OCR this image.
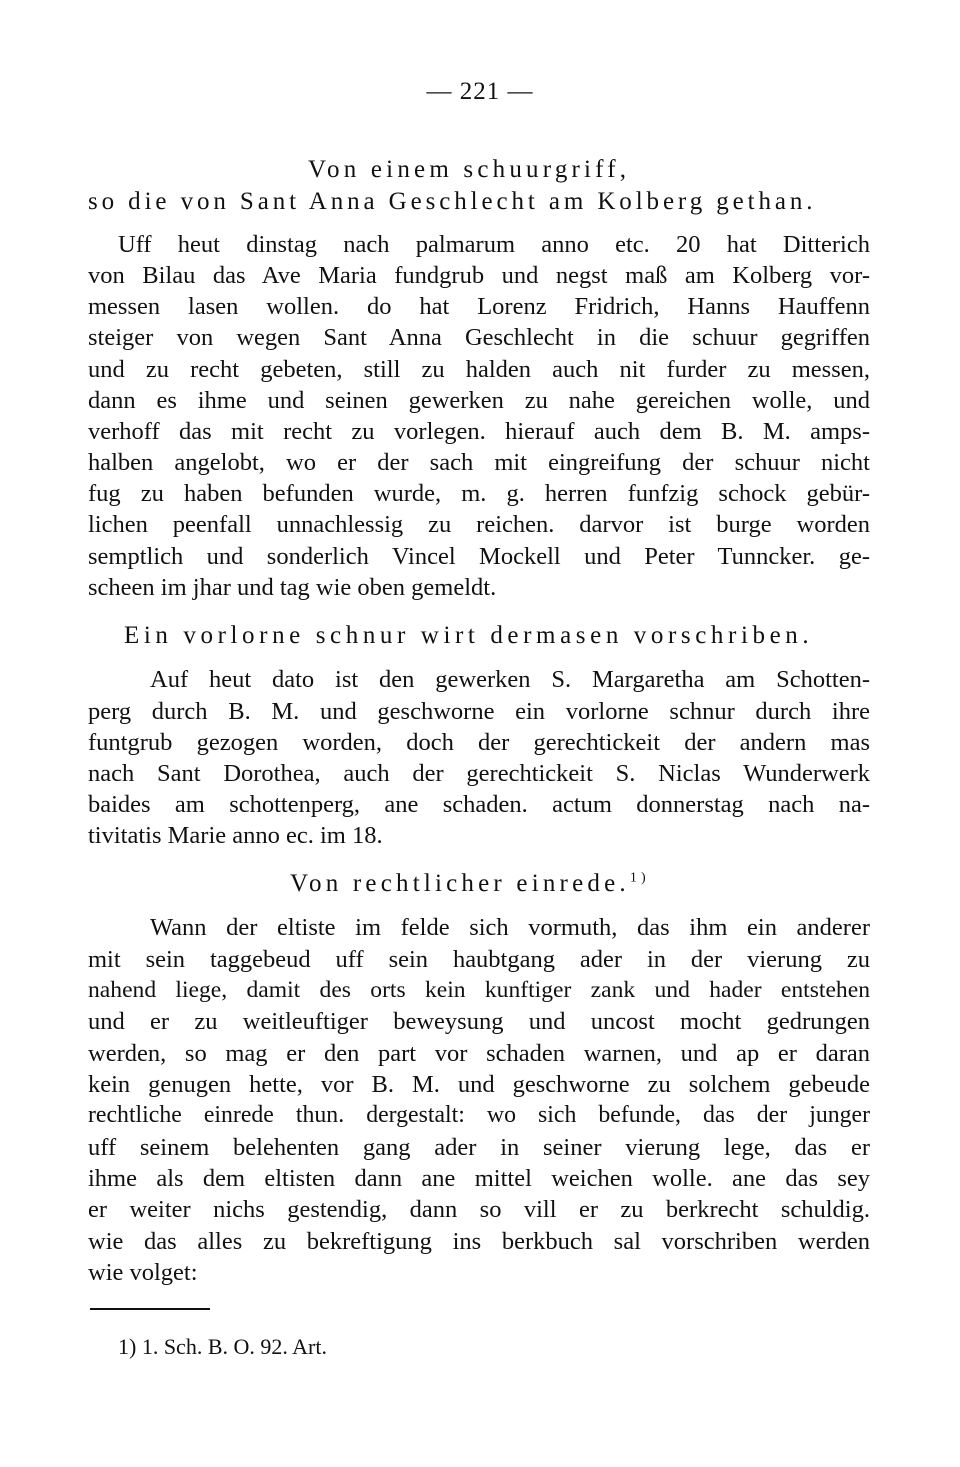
— 221 —
Von einem schuurgriff,
so die von Sant Anna Geschlecht am Kolberg gethan.
Uff heut dinstag nach palmarum anno etc. 20 hat Ditterich
von Bilau das Ave Maria fundgrub und negst maß am Kolberg vor-
messen lasen wollen. do hat Lorenz Fridrich, Hanns Hauffenn
steiger von wegen Sant Anna Geschlecht in die schuur gegriffen
und zu recht gebeten, still zu halden auch nit furder zu messen,
dann es ihme und seinen gewerken zu nahe gereichen wolle, und
verhoff das mit recht zu vorlegen. hierauf auch dem B. M. amps-
halben angelobt, wo er der sach mit eingreifung der schuur nicht
fug zu haben befunden wurde, m. g. herren funfzig schock gebür-
lichen peenfall unnachlessig zu reichen. darvor ist burge worden
semptlich und sonderlich Vincel Mockell und Peter Tunncker. ge-
scheen im jhar und tag wie oben gemeldt.
Ein vorlorne schnur wirt dermasen vorschriben.
Auf heut dato ist den gewerken S. Margaretha am Schotten-
perg durch B. M. und geschworne ein vorlorne schnur durch ihre
funtgrub gezogen worden, doch der gerechtickeit der andern mas
nach Sant Dorothea, auch der gerechtickeit S. Niclas Wunderwerk
baides am schottenperg, ane schaden. actum donnerstag nach na-
tivitatis Marie anno ec. im 18.
Von rechtlicher einrede.$^{1)}$
Wann der eltiste im felde sich vormuth, das ihm ein anderer
mit sein taggebeud uff sein haubtgang ader in der vierung zu
nahend liege, damit des orts kein kunftiger zank und hader entstehen
und er zu weitleuftiger beweysung und uncost mocht gedrungen
werden, so mag er den part vor schaden warnen, und ap er daran
kein genugen hette, vor B. M. und geschworne zu solchem gebeude
rechtliche einrede thun. dergestalt: wo sich befunde, das der junger
uff seinem belehenten gang ader in seiner vierung lege, das er
ihme als dem eltisten dann ane mittel weichen wolle. ane das sey
er weiter nichs gestendig, dann so vill er zu berkrecht schuldig.
wie das alles zu bekreftigung ins berkbuch sal vorschriben werden
wie volget:
1) 1. Sch. B. O. 92. Art.
